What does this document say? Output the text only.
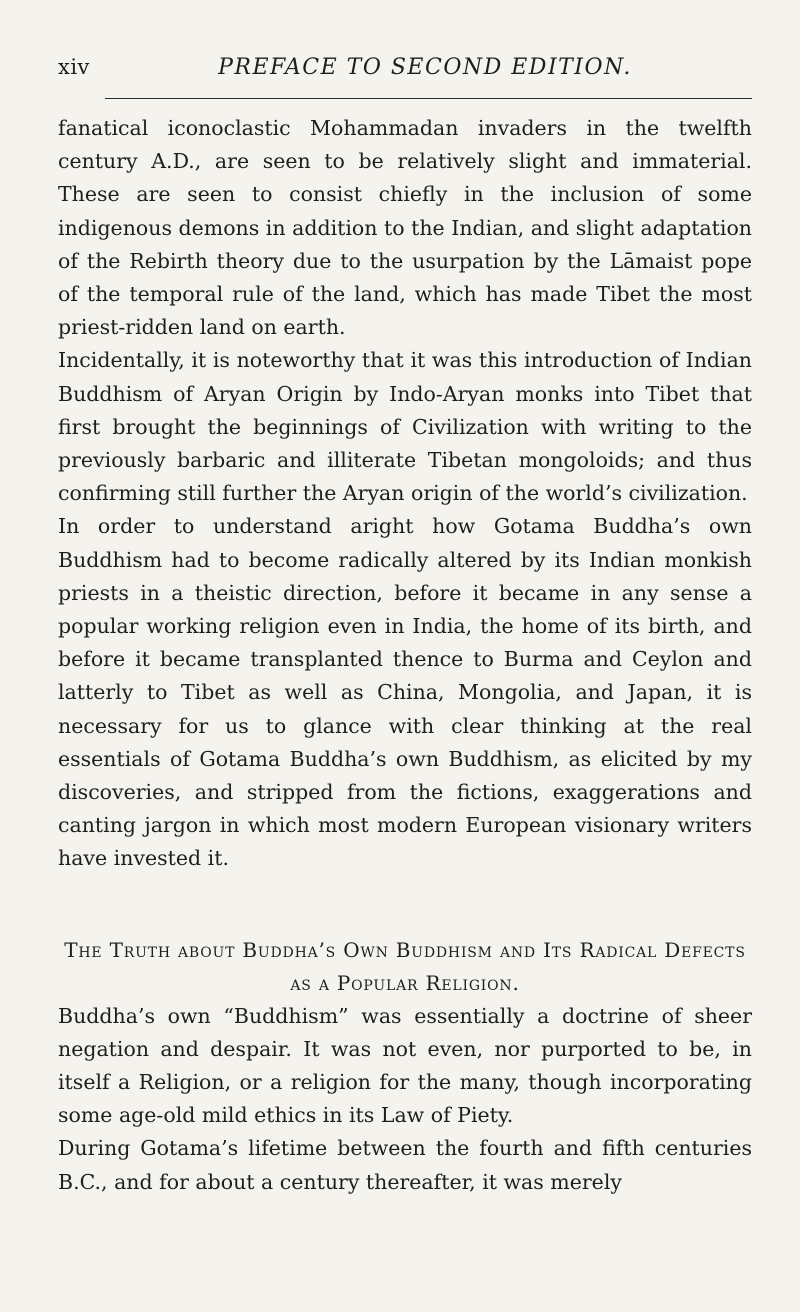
xiv	PREFACE TO SECOND EDITION.

fanatical iconoclastic Mohammadan invaders in the twelfth century A.D., are seen to be relatively slight and immaterial. These are seen to consist chiefly in the inclusion of some indigenous demons in addition to the Indian, and slight adaptation of the Rebirth theory due to the usurpation by the Lāmaist pope of the temporal rule of the land, which has made Tibet the most priest-ridden land on earth.

Incidentally, it is noteworthy that it was this introduction of Indian Buddhism of Aryan Origin by Indo-Aryan monks into Tibet that first brought the beginnings of Civilization with writing to the previously barbaric and illiterate Tibetan mongoloids; and thus confirming still further the Aryan origin of the world’s civilization.

In order to understand aright how Gotama Buddha’s own Buddhism had to become radically altered by its Indian monkish priests in a theistic direction, before it became in any sense a popular working religion even in India, the home of its birth, and before it became transplanted thence to Burma and Ceylon and latterly to Tibet as well as China, Mongolia, and Japan, it is necessary for us to glance with clear thinking at the real essentials of Gotama Buddha’s own Buddhism, as elicited by my discoveries, and stripped from the fictions, exaggerations and canting jargon in which most modern European visionary writers have invested it.

The Truth about Buddha’s Own Buddhism and Its Radical Defects as a Popular Religion.

Buddha’s own “Buddhism” was essentially a doctrine of sheer negation and despair. It was not even, nor purported to be, in itself a Religion, or a religion for the many, though incorporating some age-old mild ethics in its Law of Piety.

During Gotama’s lifetime between the fourth and fifth centuries B.C., and for about a century thereafter, it was merely
